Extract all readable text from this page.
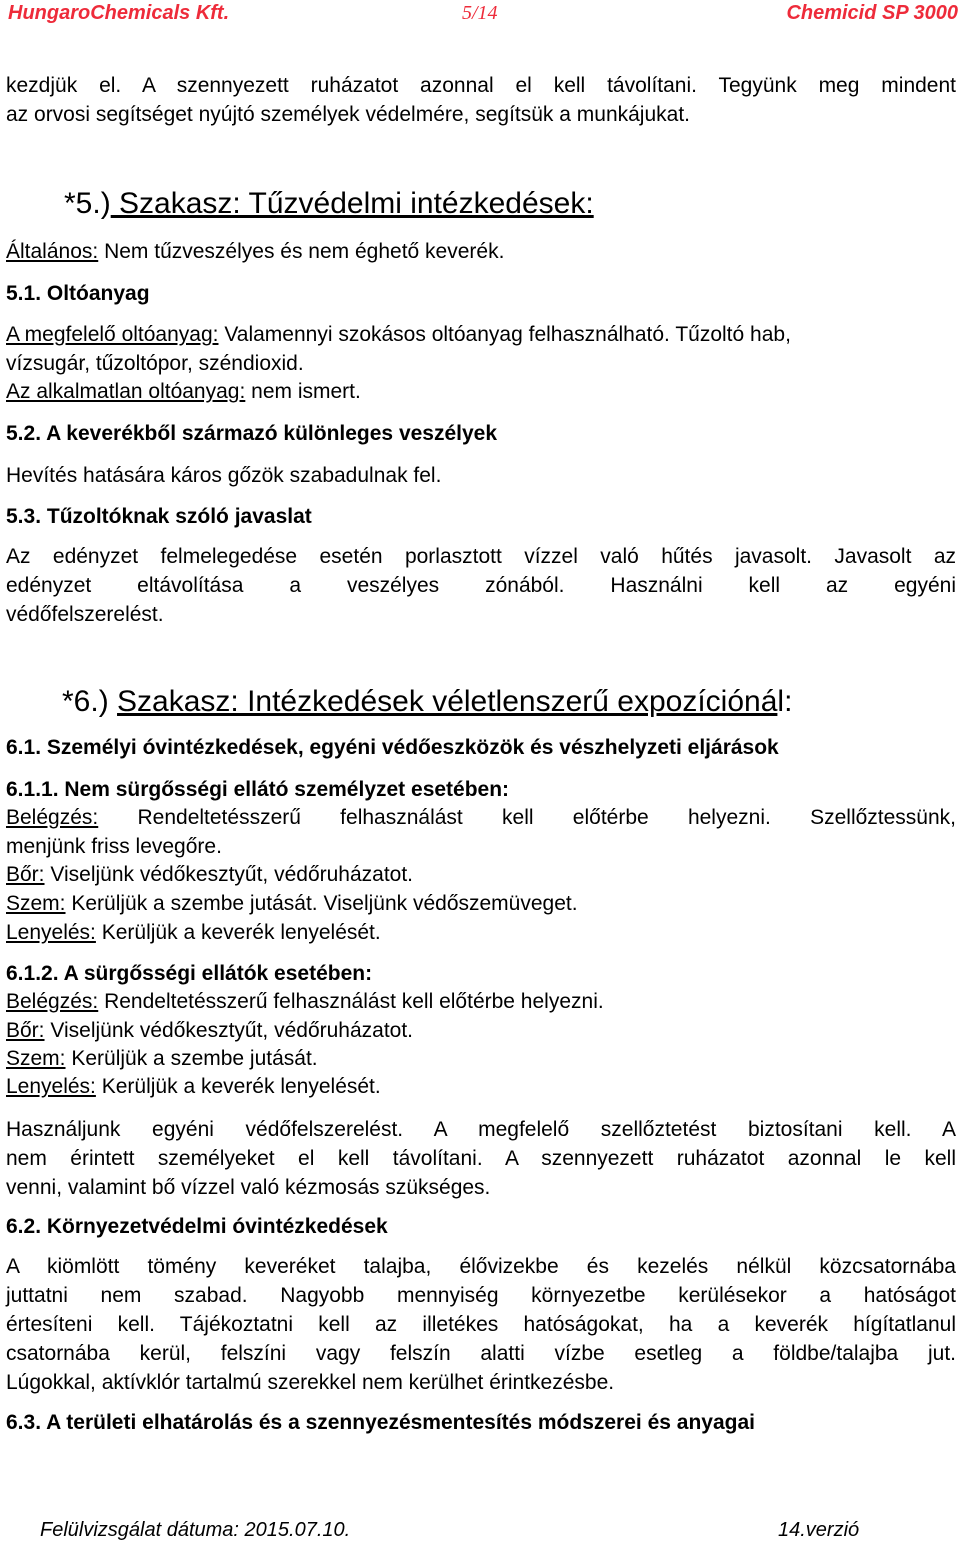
HungaroChemicals Kft.	5/14	Chemicid SP 3000
kezdjük el. A szennyezett ruházatot azonnal el kell távolítani. Tegyünk meg mindent
az orvosi segítséget nyújtó személyek védelmére, segítsük a munkájukat.
*5.) Szakasz: Tűzvédelmi intézkedések:
Általános: Nem tűzveszélyes és nem éghető keverék.
5.1. Oltóanyag
A megfelelő oltóanyag: Valamennyi szokásos oltóanyag felhasználható. Tűzoltó hab,
vízsugár, tűzoltópor, széndioxid.
Az alkalmatlan oltóanyag: nem ismert.
5.2. A keverékből származó különleges veszélyek
Hevítés hatására káros gőzök szabadulnak fel.
5.3. Tűzoltóknak szóló javaslat
Az edényzet felmelegedése esetén porlasztott vízzel való hűtés javasolt. Javasolt az
edényzet eltávolítása a veszélyes zónából. Használni kell az egyéni
védőfelszerelést.
*6.) Szakasz: Intézkedések véletlenszerű expozíciónál:
6.1. Személyi óvintézkedések, egyéni védőeszközök és vészhelyzeti eljárások
6.1.1. Nem sürgősségi ellátó személyzet esetében:
Belégzés: Rendeltetésszerű felhasználást kell előtérbe helyezni. Szellőztessünk,
menjünk friss levegőre.
Bőr: Viseljünk védőkesztyűt, védőruházatot.
Szem: Kerüljük a szembe jutását. Viseljünk védőszemüveget.
Lenyelés: Kerüljük a keverék lenyelését.
6.1.2. A sürgősségi ellátók esetében:
Belégzés: Rendeltetésszerű felhasználást kell előtérbe helyezni.
Bőr: Viseljünk védőkesztyűt, védőruházatot.
Szem: Kerüljük a szembe jutását.
Lenyelés: Kerüljük a keverék lenyelését.
Használjunk egyéni védőfelszerelést. A megfelelő szellőztetést biztosítani kell. A
nem érintett személyeket el kell távolítani. A szennyezett ruházatot azonnal le kell
venni, valamint bő vízzel való kézmosás szükséges.
6.2. Környezetvédelmi óvintézkedések
A kiömlött tömény keveréket talajba, élővizekbe és kezelés nélkül közcsatornába
juttatni nem szabad. Nagyobb mennyiség környezetbe kerülésekor a hatóságot
értesíteni kell. Tájékoztatni kell az illetékes hatóságokat, ha a keverék hígítatlanul
csatornába kerül, felszíni vagy felszín alatti vízbe esetleg a földbe/talajba jut.
Lúgokkal, aktívklór tartalmú szerekkel nem kerülhet érintkezésbe.
6.3. A területi elhatárolás és a szennyezésmentesítés módszerei és anyagai
Felülvizsgálat dátuma: 2015.07.10.	14.verzió
